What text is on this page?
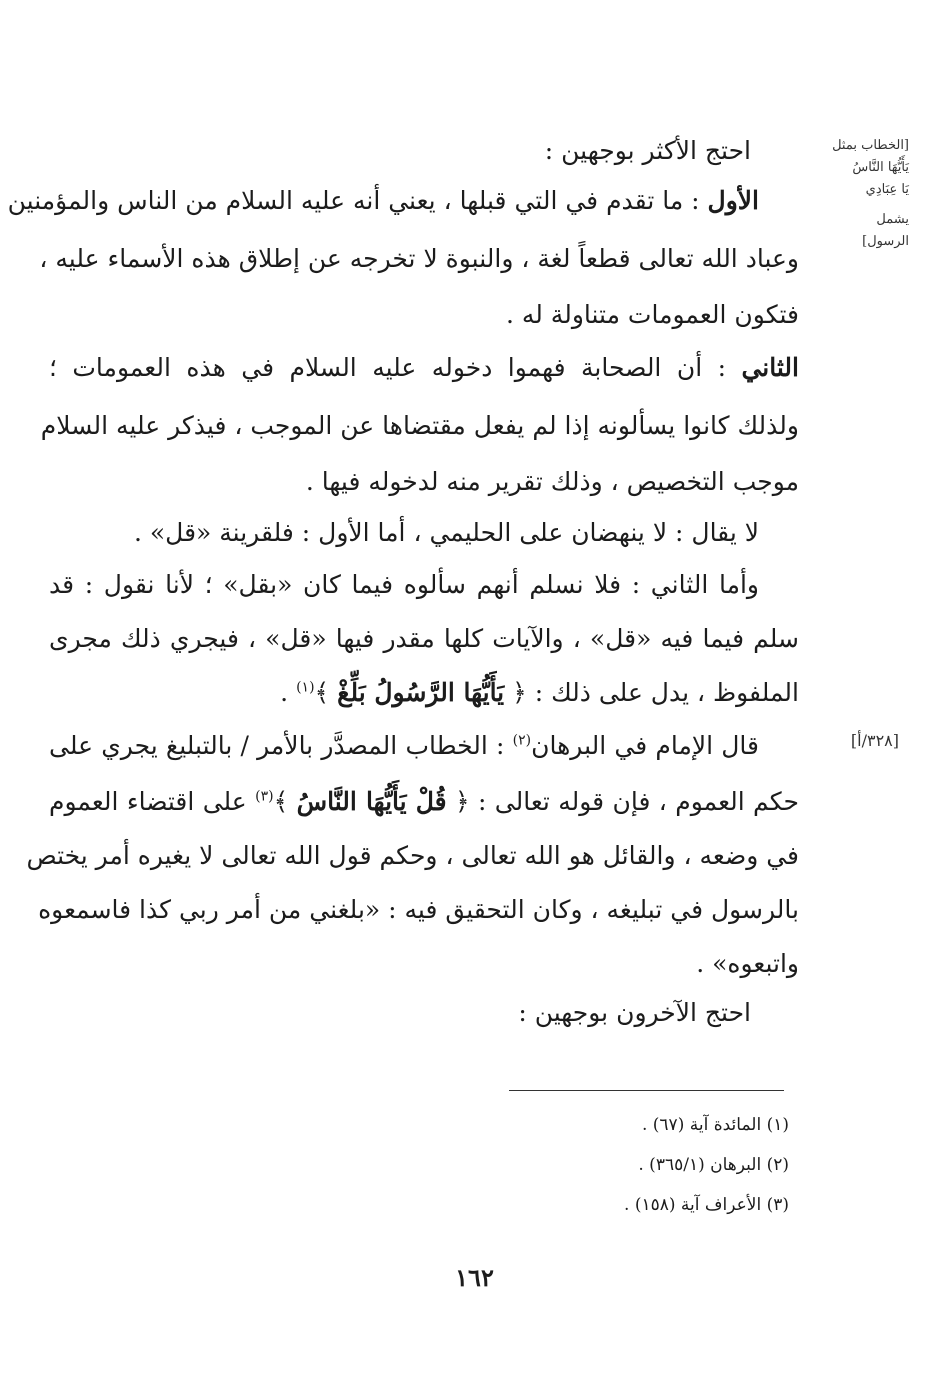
[الخطاب بمثل
يَأَيُّهَا النَّاسُ
يَا عِبَادِي
يشمل
الرسول]
[٣٢٨/أ]
احتج الأكثر بوجهين :
الأول : ما تقدم في التي قبلها ، يعني أنه عليه السلام من الناس والمؤمنين
وعباد الله تعالى قطعاً لغة ، والنبوة لا تخرجه عن إطلاق هذه الأسماء عليه ،
فتكون العمومات متناولة له .
الثاني : أن الصحابة فهموا دخوله عليه السلام في هذه العمومات ؛
ولذلك كانوا يسألونه إذا لم يفعل مقتضاها عن الموجب ، فيذكر عليه السلام
موجب التخصيص ، وذلك تقرير منه لدخوله فيها .
لا يقال : لا ينهضان على الحليمي ، أما الأول : فلقرينة «قل» .
وأما الثاني : فلا نسلم أنهم سألوه فيما كان «بقل» ؛ لأنا نقول : قد
سلم فيما فيه «قل» ، والآيات كلها مقدر فيها «قل» ، فيجري ذلك مجرى
الملفوظ ، يدل على ذلك : ﴿ يَأَيُّهَا الرَّسُولُ بَلِّغْ ﴾$^{(١)}$ .
قال الإمام في البرهان$^{(٢)}$ : الخطاب المصدَّر بالأمر / بالتبليغ يجري على
حكم العموم ، فإن قوله تعالى : ﴿ قُلْ يَأَيُّهَا النَّاسُ ﴾$^{(٣)}$ على اقتضاء العموم
في وضعه ، والقائل هو الله تعالى ، وحكم قول الله تعالى لا يغيره أمر يختص
بالرسول في تبليغه ، وكان التحقيق فيه : «بلغني من أمر ربي كذا فاسمعوه
واتبعوه» .
احتج الآخرون بوجهين :
(١) المائدة آية (٦٧) .
(٢) البرهان (٣٦٥/١) .
(٣) الأعراف آية (١٥٨) .
١٦٢
